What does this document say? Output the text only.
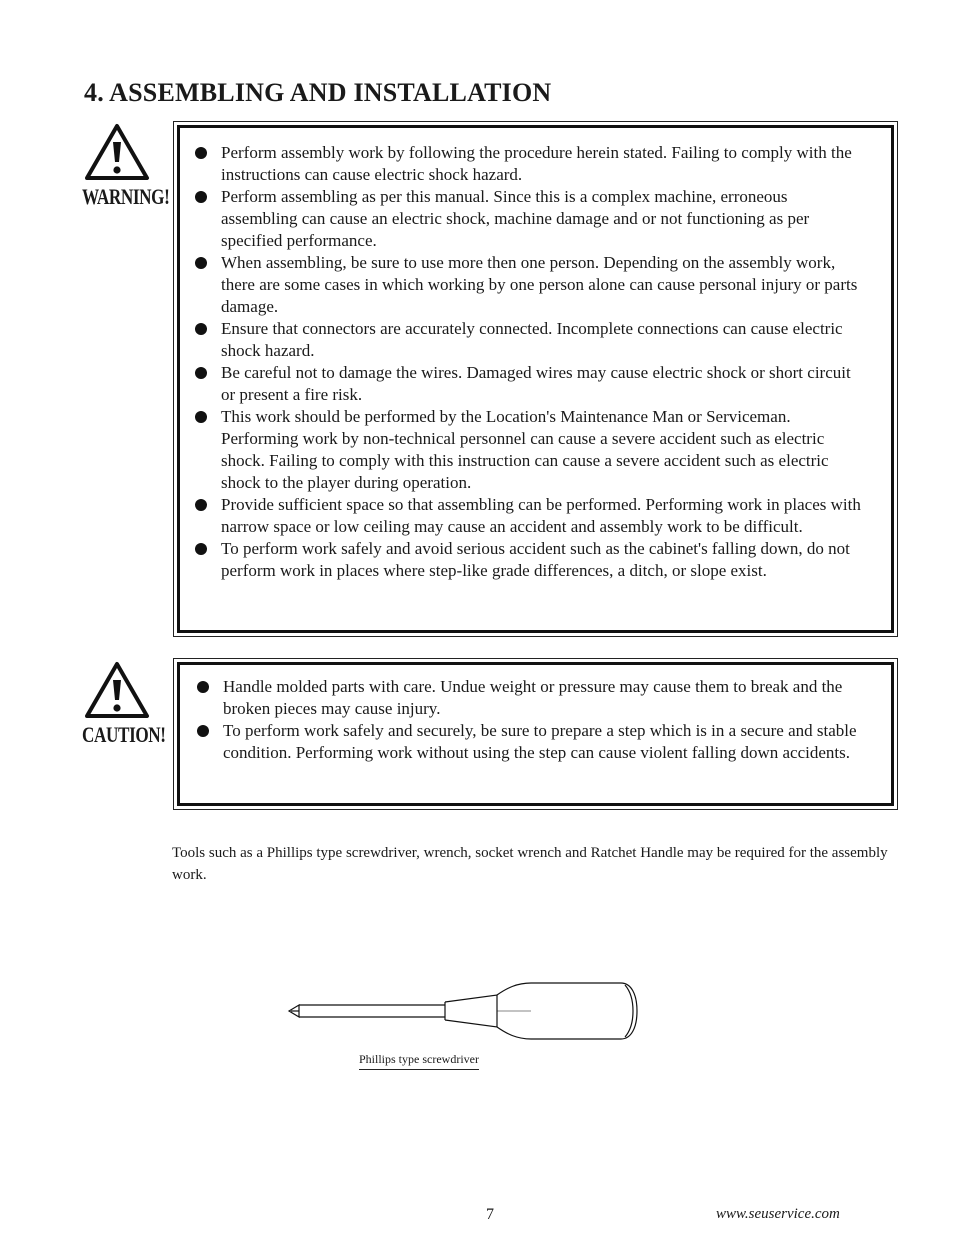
4. ASSEMBLING AND INSTALLATION
WARNING!
Perform assembly work by following the procedure herein stated. Failing to comply with the instructions can cause electric shock hazard.
Perform assembling as per this manual. Since this is a complex machine, erroneous assembling can cause an electric shock, machine damage and or not functioning as per specified performance.
When assembling, be sure to use more then one person. Depending on the assembly work, there are some cases in which working by one person alone can cause personal injury or parts damage.
Ensure that connectors are accurately connected. Incomplete connections can cause electric shock hazard.
Be careful not to damage the wires. Damaged wires may cause electric shock or short circuit or present a fire risk.
This work should be performed by the Location's Maintenance Man or Serviceman. Performing work by non-technical personnel can cause a severe accident such as electric shock. Failing to comply with this instruction can cause a severe accident such as electric shock to the player during operation.
Provide sufficient space so that assembling can be performed. Performing work in places with narrow space or low ceiling may cause an accident and assembly work to be difficult.
To perform work safely and avoid serious accident such as the cabinet's falling down, do not perform work in places where step-like grade differences, a ditch, or slope exist.
CAUTION!
Handle molded parts with care. Undue weight or pressure may cause them to break and the broken pieces may cause injury.
To perform work safely and securely, be sure to prepare a step which is in a secure and stable condition. Performing work without using the step can cause violent falling down accidents.

Tools such as a Phillips type screwdriver, wrench, socket wrench and Ratchet Handle may be required for the assembly work.

Phillips type screwdriver
7	www.seuservice.com
